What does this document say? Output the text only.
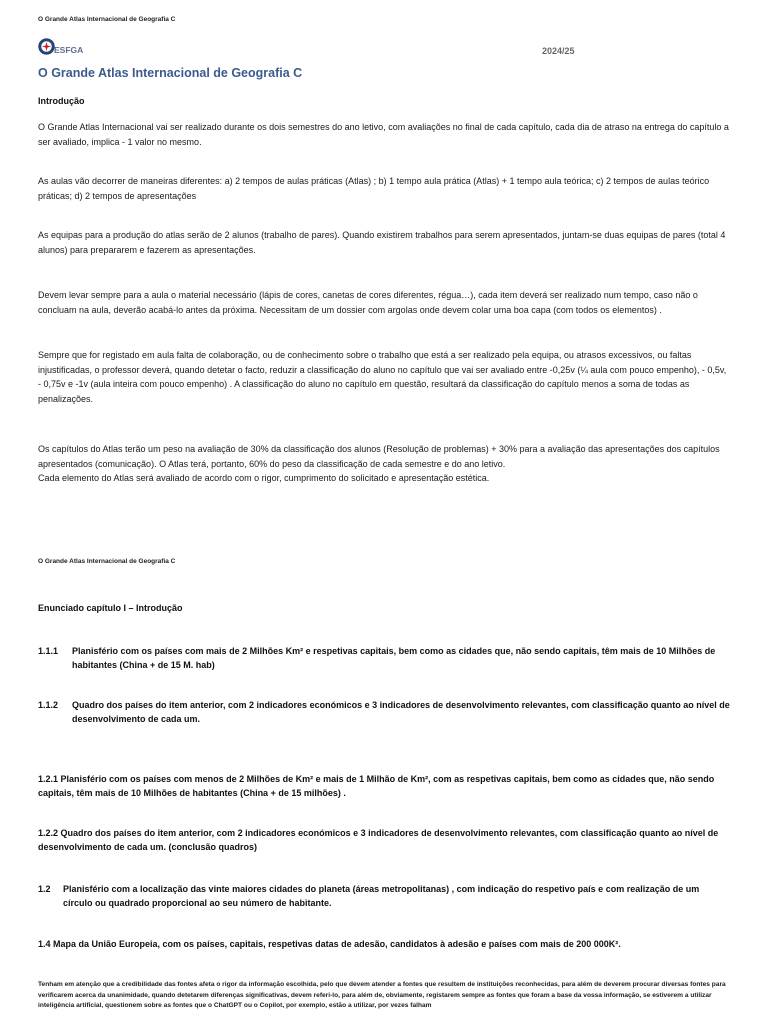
O Grande Atlas Internacional de Geografia C
ESFGA	2024/25
O Grande Atlas Internacional de Geografia C
Introdução

O Grande Atlas Internacional vai ser realizado durante os dois semestres do ano letivo, com avaliações no final de cada capítulo, cada dia de atraso na entrega do capítulo a ser avaliado, implica - 1 valor no mesmo.

As aulas vão decorrer de maneiras diferentes: a) 2 tempos de aulas práticas (Atlas) ; b) 1 tempo aula prática (Atlas) + 1 tempo aula teórica; c) 2 tempos de aulas teórico práticas; d) 2 tempos de apresentações

As equipas para a produção do atlas serão de 2 alunos (trabalho de pares). Quando existirem trabalhos para serem apresentados, juntam-se duas equipas de pares (total 4 alunos) para prepararem e fazerem as apresentações.

Devem levar sempre para a aula o material necessário (lápis de cores, canetas de cores diferentes, régua…), cada item deverá ser realizado num tempo, caso não o concluam na aula, deverão acabá-lo antes da próxima. Necessitam de um dossier com argolas onde devem colar uma boa capa (com todos os elementos) .

Sempre que for registado em aula falta de colaboração, ou de conhecimento sobre o trabalho que está a ser realizado pela equipa, ou atrasos excessivos, ou faltas injustificadas, o professor deverá, quando detetar o facto, reduzir a classificação do aluno no capítulo que vai ser avaliado entre -0,25v (¼ aula com pouco empenho), - 0,5v, - 0,75v e -1v (aula inteira com pouco empenho) . A classificação do aluno no capítulo em questão, resultará da classificação do capítulo menos a soma de todas as penalizações.

Os capítulos do Atlas terão um peso na avaliação de 30% da classificação dos alunos (Resolução de problemas) + 30% para a avaliação das apresentações dos capítulos apresentados (comunicação). O Atlas terá, portanto, 60% do peso da classificação de cada semestre e do ano letivo.

Cada elemento do Atlas será avaliado de acordo com o rigor, cumprimento do solicitado e apresentação estética.

O Grande Atlas Internacional de Geografia C
Enunciado capítulo I – Introdução
1.1.1	Planisfério com os países com mais de 2 Milhões Km² e respetivas capitais, bem como as cidades que, não sendo capitais, têm mais de 10 Milhões de habitantes (China + de 15 M. hab)
1.1.2	Quadro dos países do item anterior, com 2 indicadores económicos e 3 indicadores de desenvolvimento relevantes, com classificação quanto ao nível de desenvolvimento de cada um.
1.2.1 Planisfério com os países com menos de 2 Milhões de Km² e mais de 1 Milhão de Km², com as respetivas capitais, bem como as cidades que, não sendo capitais, têm mais de 10 Milhões de habitantes (China + de 15 milhões) .
1.2.2 Quadro dos países do item anterior, com 2 indicadores económicos e 3 indicadores de desenvolvimento relevantes, com classificação quanto ao nível de desenvolvimento de cada um. (conclusão quadros)
1.2	Planisfério com a localização das vinte maiores cidades do planeta (áreas metropolitanas) , com indicação do respetivo país e com realização de um círculo ou quadrado proporcional ao seu número de habitante.
1.4 Mapa da União Europeia, com os países, capitais, respetivas datas de adesão, candidatos à adesão e países com mais de 200 000K².
Tenham em atenção que a credibilidade das fontes afeta o rigor da informação escolhida, pelo que devem atender a fontes que resultem de instituições reconhecidas, para além de deverem procurar diversas fontes para verificarem acerca da unanimidade, quando detetarem diferenças significativas, devem referi-lo, para além de, obviamente, registarem sempre as fontes que foram a base da vossa informação, se estiverem a utilizar inteligência artificial, questionem sobre as fontes que o ChatGPT ou o Copilot, por exemplo, estão a utilizar, por vezes falham
